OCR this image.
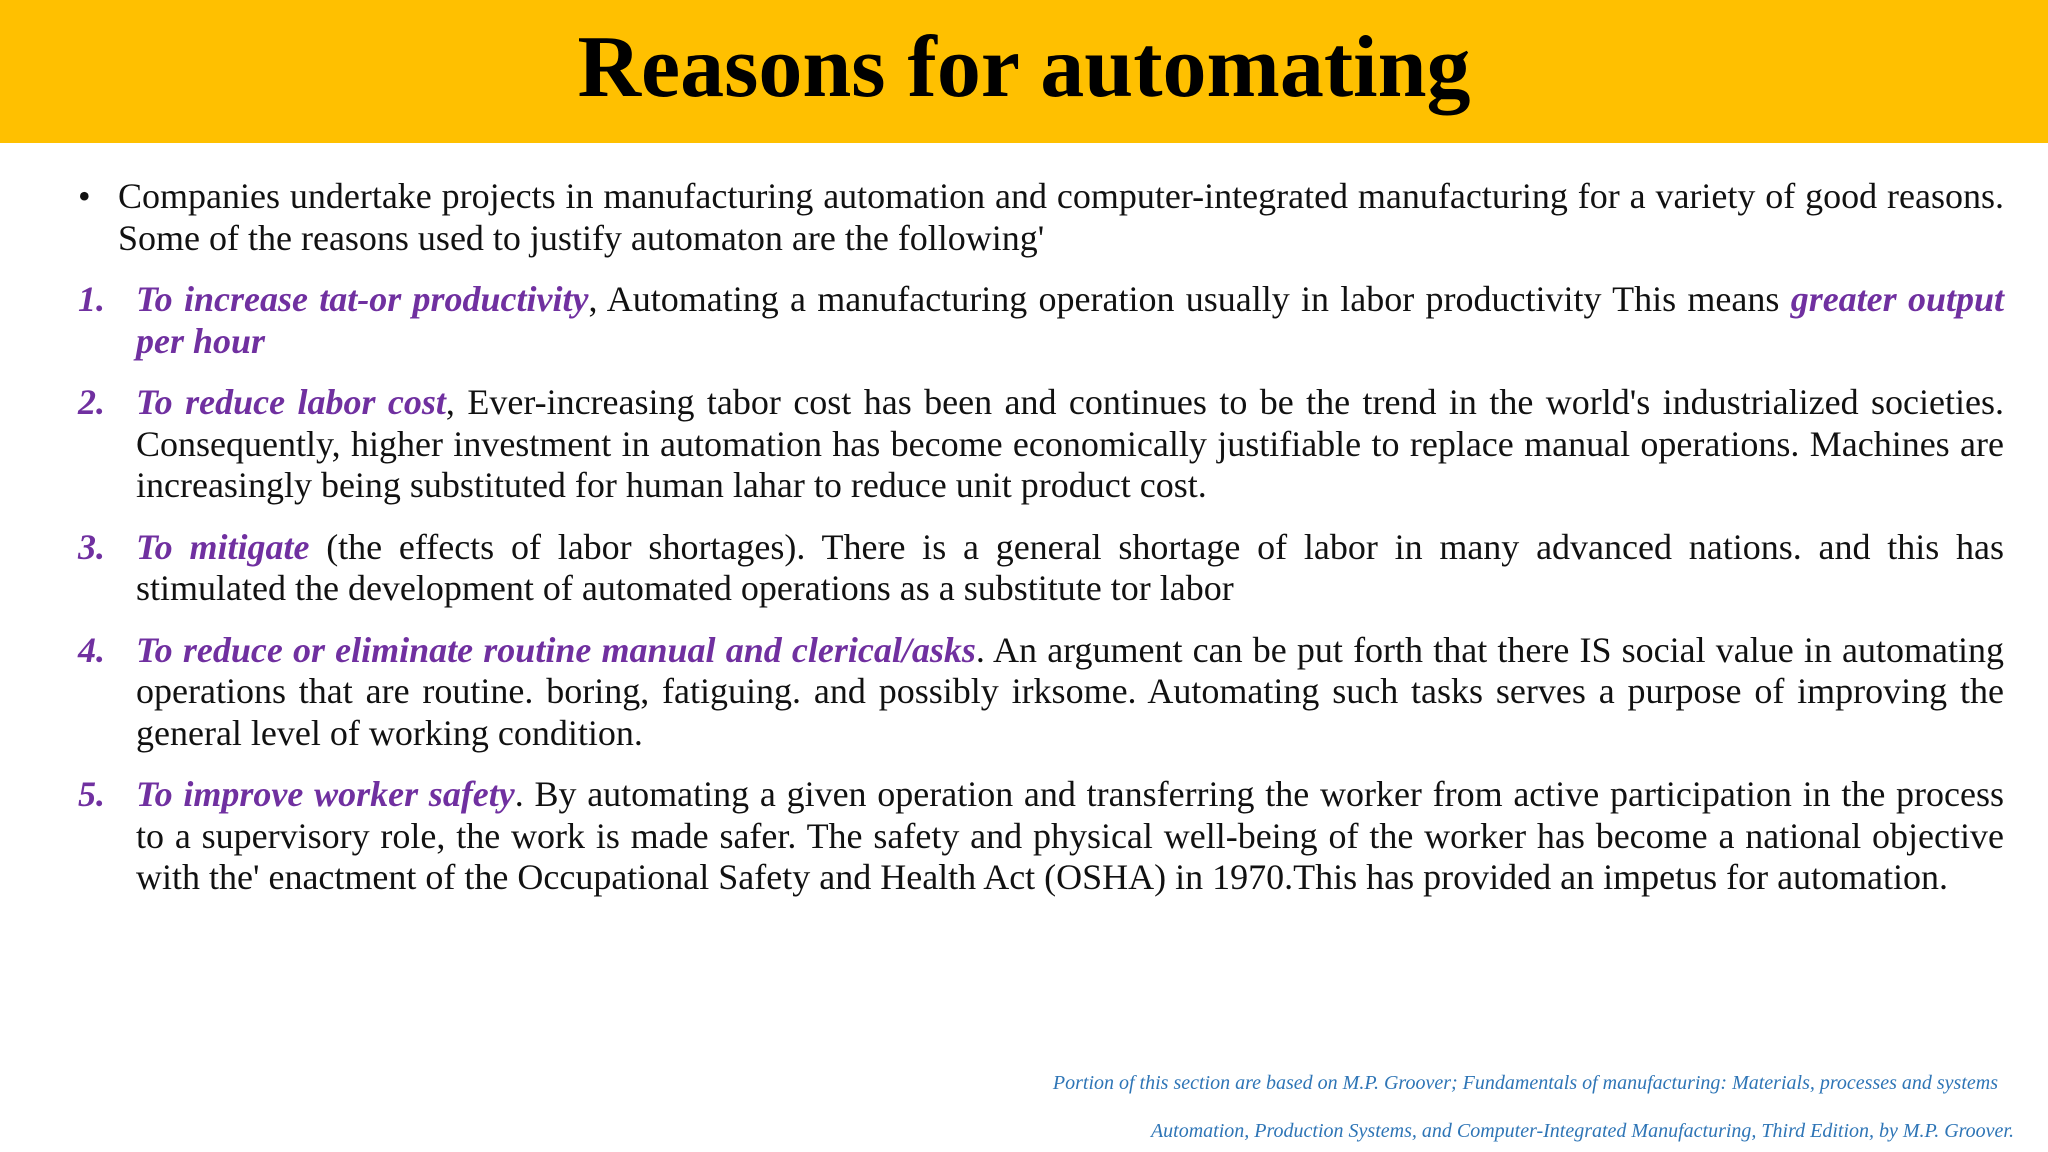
Reasons for automating
• Companies undertake projects in manufacturing automation and computer-integrated manufacturing for a variety of good reasons. Some of the reasons used to justify automaton are the following'
1. To increase tat-or productivity, Automating a manufacturing operation usually in labor productivity This means greater output per hour
2. To reduce labor cost, Ever-increasing tabor cost has been and continues to be the trend in the world's industrialized societies. Consequently, higher investment in automation has become economically justifiable to replace manual operations. Machines are increasingly being substituted for human lahar to reduce unit product cost.
3. To mitigate (the effects of labor shortages). There is a general shortage of labor in many advanced nations. and this has stimulated the development of automated operations as a substitute tor labor
4. To reduce or eliminate routine manual and clerical/asks. An argument can be put forth that there IS social value in automating operations that are routine. boring, fatiguing. and possibly irksome. Automating such tasks serves a purpose of improving the general level of working condition.
5. To improve worker safety. By automating a given operation and transferring the worker from active participation in the process to a supervisory role, the work is made safer. The safety and physical well-being of the worker has become a national objective with the' enactment of the Occupational Safety and Health Act (OSHA) in 1970.This has provided an impetus for automation.
Portion of this section are based on M.P. Groover; Fundamentals of manufacturing: Materials, processes and systems
Automation, Production Systems, and Computer-Integrated Manufacturing, Third Edition, by M.P. Groover.
